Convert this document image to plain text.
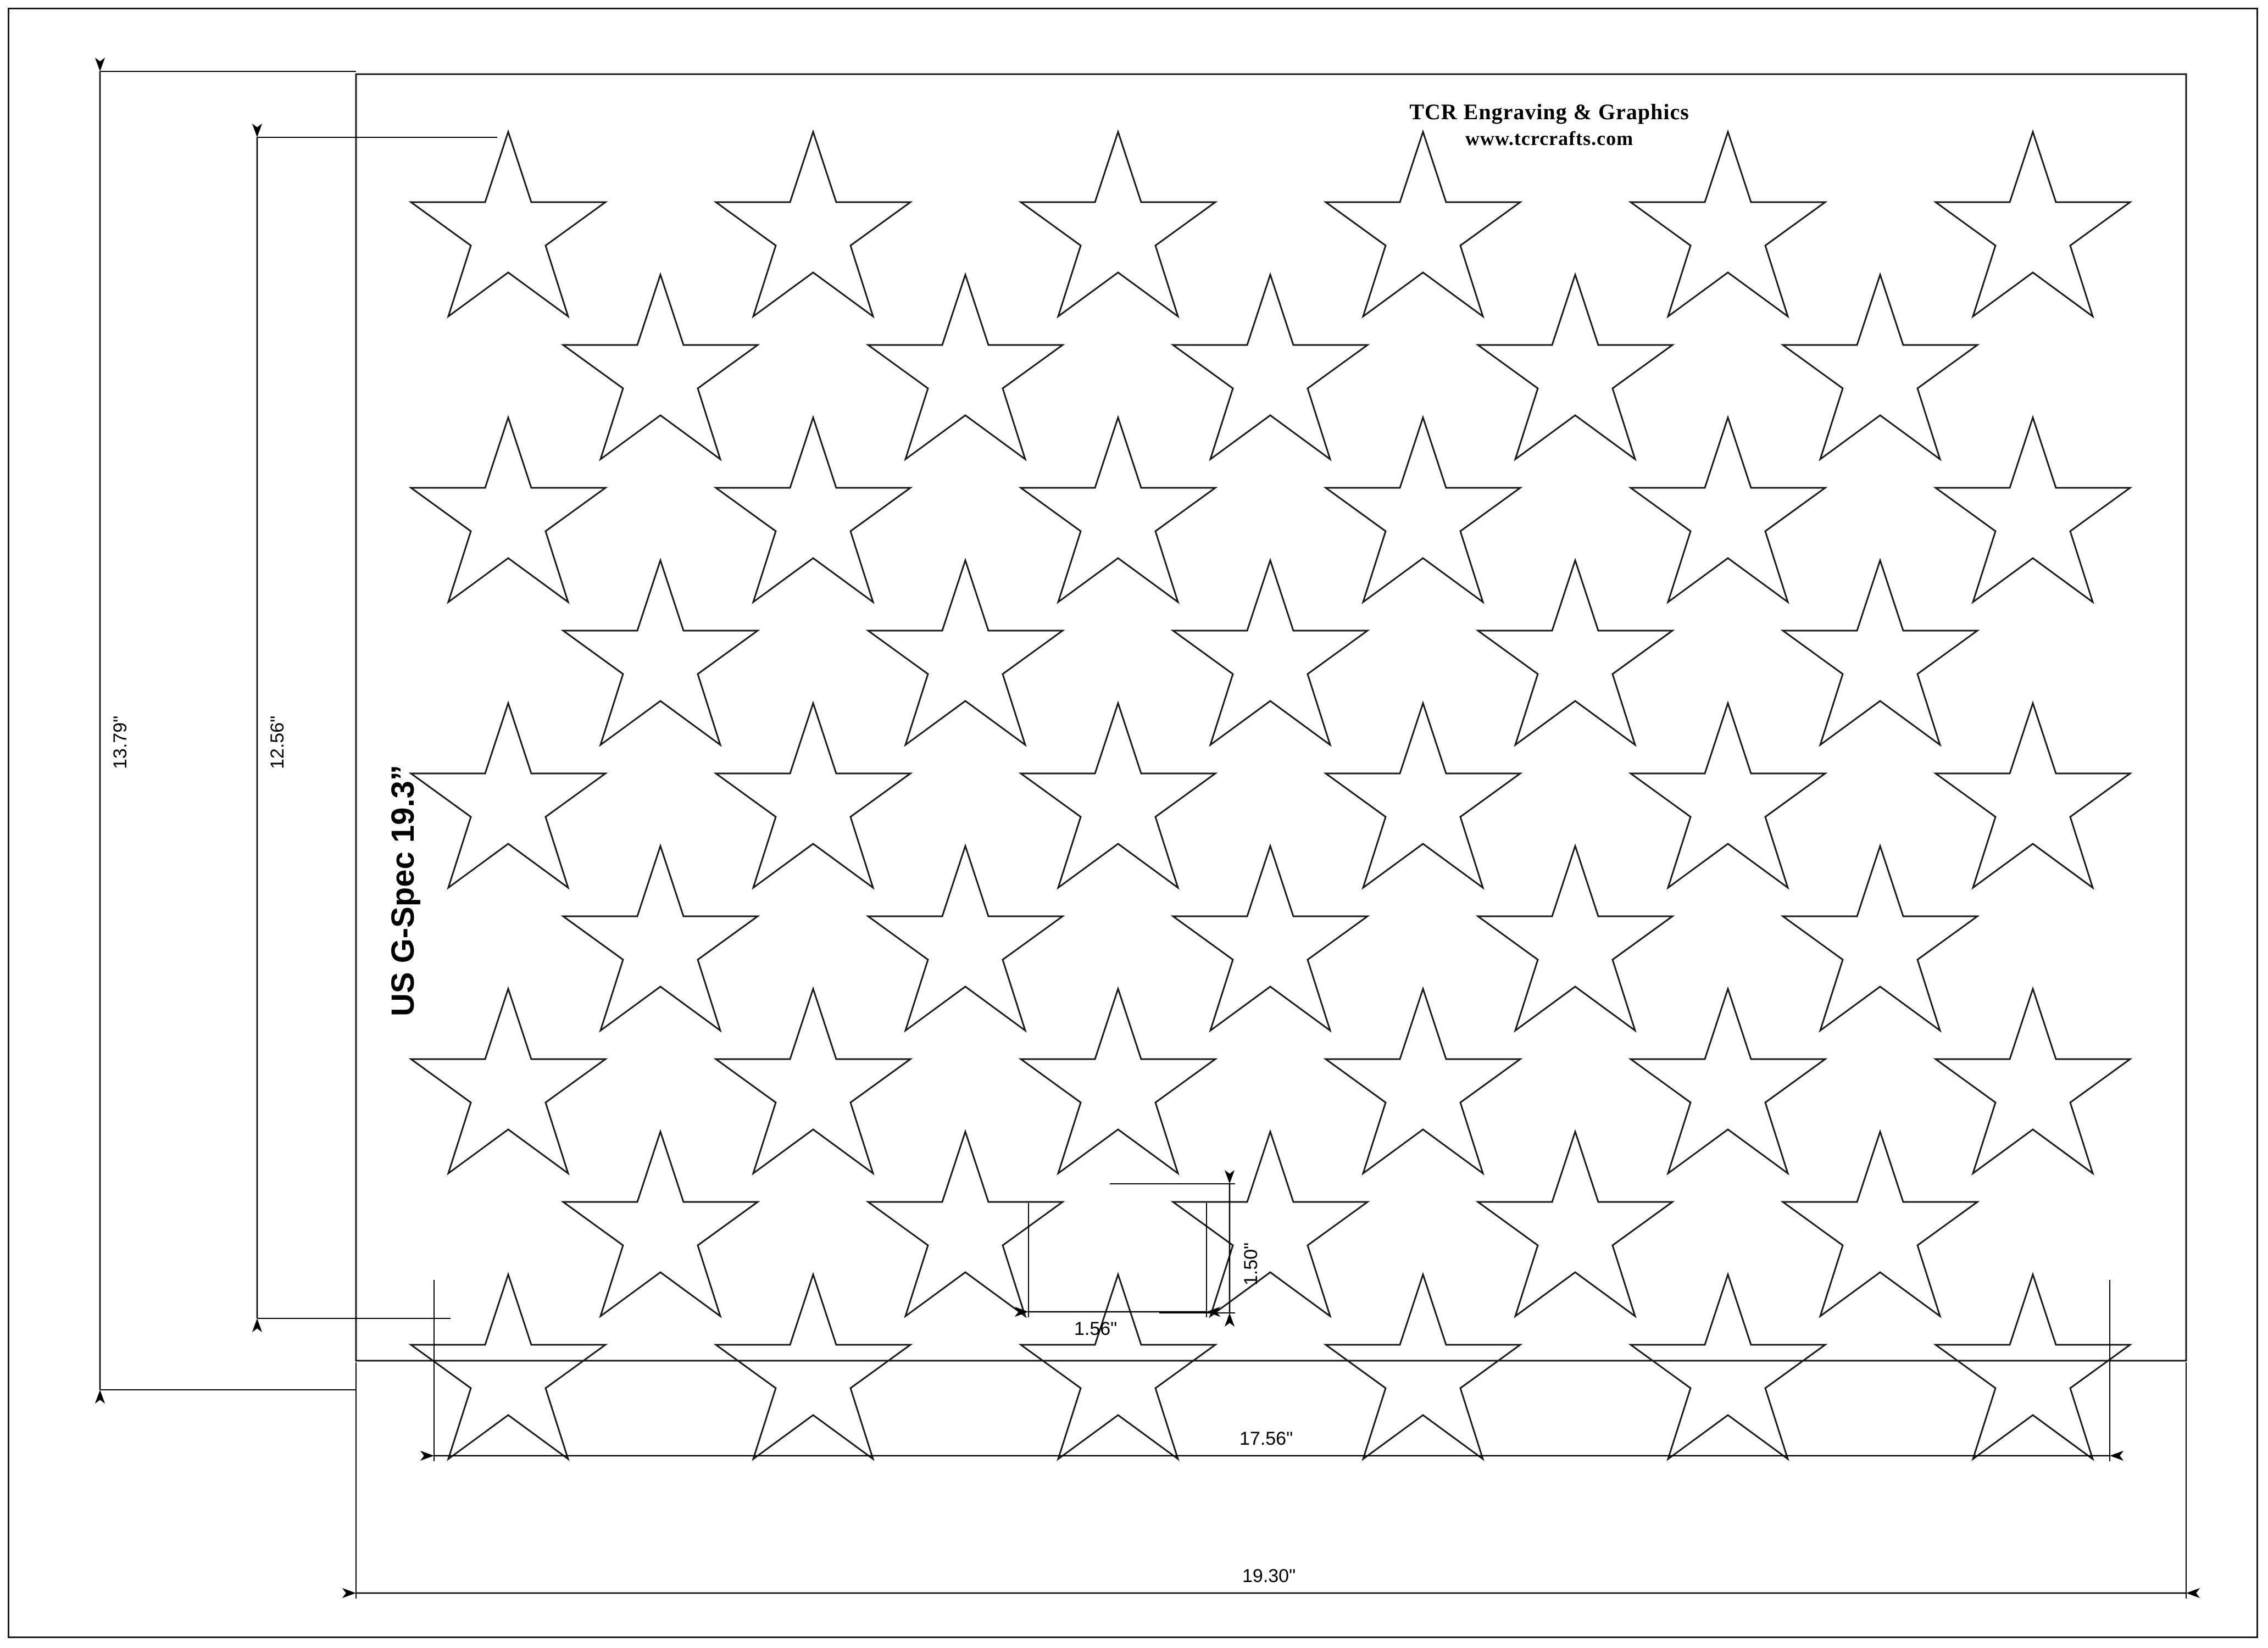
13.79"	12.56"
17.56"
19.30"
1.56"
1.50"
US G-Spec 19.3”
TCR Engraving & Graphics
www.tcrcrafts.com
